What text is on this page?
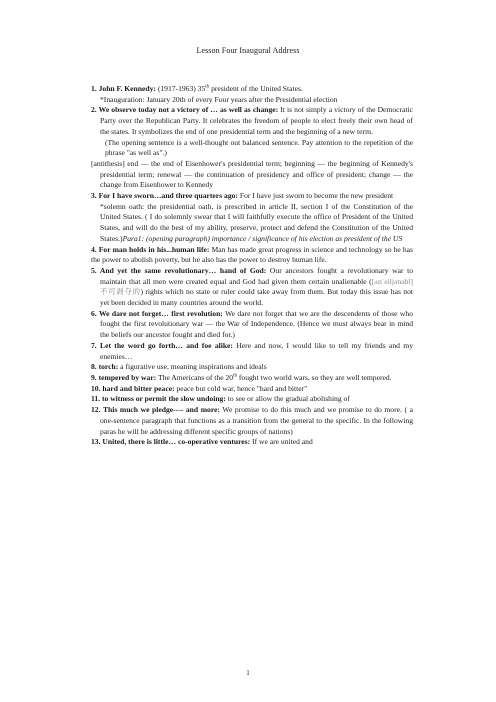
Lesson Four Inaugural Address

1. John F. Kennedy: (1917-1963) 35th president of the United States.

*Inauguration: January 20th of every Four years after the Presidential election

2. We observe today not a victory of … as well as change: It is not simply a victory of the Democratic Party over the Republican Party. It celebrates the freedom of people to elect freely their own head of the states. It symbolizes the end of one presidential term and the beginning of a new term.

(The opening sentence is a well-thought out balanced sentence. Pay attention to the repetition of the phrase "as well as".)

[antithesis] end — the end of Eisenhower's presidential term; beginning — the beginning of Kennedy's presidential term; renewal — the continuation of presidency and office of president; change — the change from Eisenhower to Kennedy

3. For I have sworn…and three quarters ago: For I have just sworn to become the new president

*solemn oath: the presidential oath, is prescribed in article II, section I of the Constitution of the United States. ( I do solemnly swear that I will faithfully execute the office of President of the United States, and will do the best of my ability, preserve, protect and defend the Constitution of the United States.)Para1: (opening paragraph) importance / significance of his election as president of the US

4. For man holds in his...human life: Man has made great progress in science and technology so he has the power to abolish poverty, but he also has the power to destroy human life.

5. And yet the same revolutionary… hand of God: Our ancestors fought a revolutionary war to maintain that all men were created equal and God had given them certain unalienable ([ʌnˈeiljənəbl] 不可剥夺的) rights which no state or ruler could take away from them. But today this issue has not yet been decided in many countries around the world.

6. We dare not forget… first revolution: We dare not forget that we are the descendents of those who fought the first revolutionary war — the War of Independence. (Hence we must always bear in mind the beliefs our ancestor fought and died for.)

7. Let the word go forth… and foe alike: Here and now, I would like to tell my friends and my enemies…

8. torch: a figurative use, meaning inspirations and ideals

9. tempered by war: The Americans of the 20th fought two world wars, so they are well tempered.

10. hard and bitter peace: peace but cold war, hence "hard and bitter"

11. to witness or permit the slow undoing: to see or allow the gradual abolishing of

12. This much we pledge---- and more: We promise to do this much and we promise to do more. ( a one-sentence paragraph that functions as a transition from the general to the specific. In the following paras he will be addressing different specific groups of nations)

13. United, there is little… co-operative ventures: If we are united and

1
